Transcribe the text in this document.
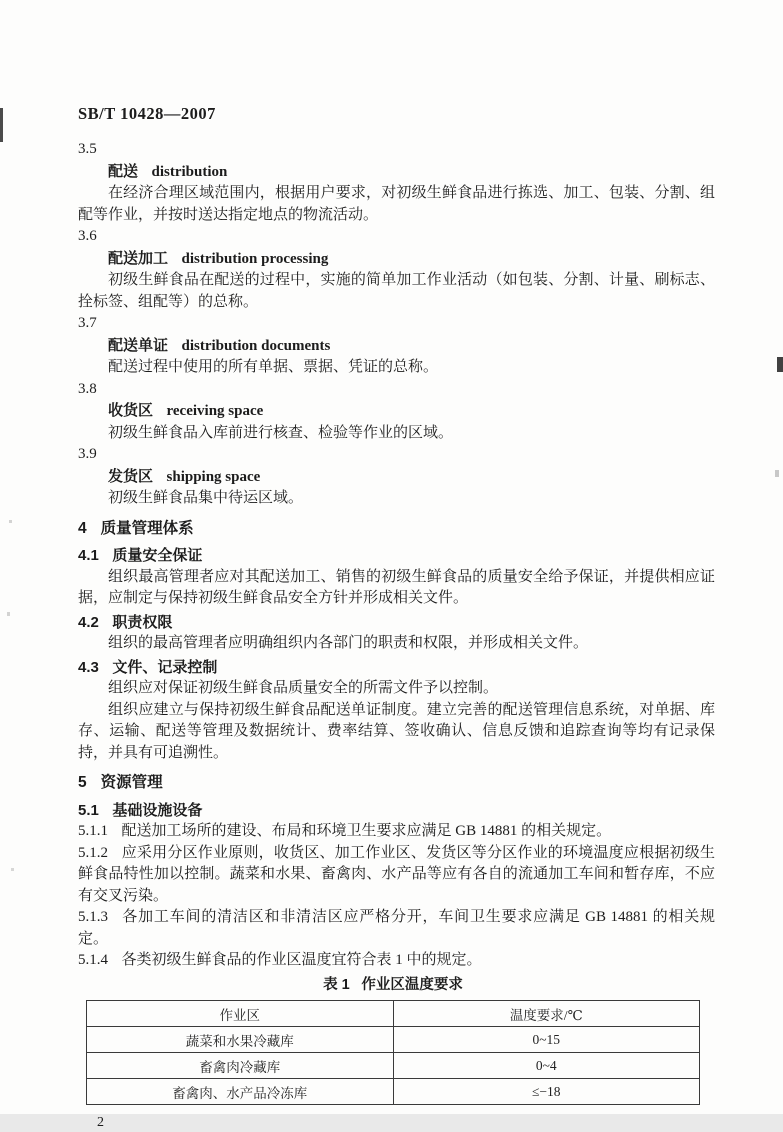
SB/T 10428—2007
3.5
配送 distribution

在经济合理区域范围内，根据用户要求，对初级生鲜食品进行拣选、加工、包装、分割、组配等作业，并按时送达指定地点的物流活动。

3.6
配送加工 distribution processing

初级生鲜食品在配送的过程中，实施的简单加工作业活动（如包装、分割、计量、刷标志、拴标签、组配等）的总称。

3.7
配送单证 distribution documents

配送过程中使用的所有单据、票据、凭证的总称。

3.8
收货区 receiving space

初级生鲜食品入库前进行核查、检验等作业的区域。

3.9
发货区 shipping space

初级生鲜食品集中待运区域。

4 质量管理体系
4.1 质量安全保证

组织最高管理者应对其配送加工、销售的初级生鲜食品的质量安全给予保证，并提供相应证据，应制定与保持初级生鲜食品安全方针并形成相关文件。

4.2 职责权限

组织的最高管理者应明确组织内各部门的职责和权限，并形成相关文件。

4.3 文件、记录控制

组织应对保证初级生鲜食品质量安全的所需文件予以控制。

组织应建立与保持初级生鲜食品配送单证制度。建立完善的配送管理信息系统，对单据、库存、运输、配送等管理及数据统计、费率结算、签收确认、信息反馈和追踪查询等均有记录保持，并具有可追溯性。

5 资源管理
5.1 基础设施设备

5.1.1 配送加工场所的建设、布局和环境卫生要求应满足 GB 14881 的相关规定。

5.1.2 应采用分区作业原则，收货区、加工作业区、发货区等分区作业的环境温度应根据初级生鲜食品特性加以控制。蔬菜和水果、畜禽肉、水产品等应有各自的流通加工车间和暂存库，不应有交叉污染。

5.1.3 各加工车间的清洁区和非清洁区应严格分开，车间卫生要求应满足 GB 14881 的相关规定。

5.1.4 各类初级生鲜食品的作业区温度宜符合表 1 中的规定。

表 1 作业区温度要求
作业区	温度要求/℃
蔬菜和水果冷藏库	0~15
畜禽肉冷藏库	0~4
畜禽肉、水产品冷冻库	≤−18
2
